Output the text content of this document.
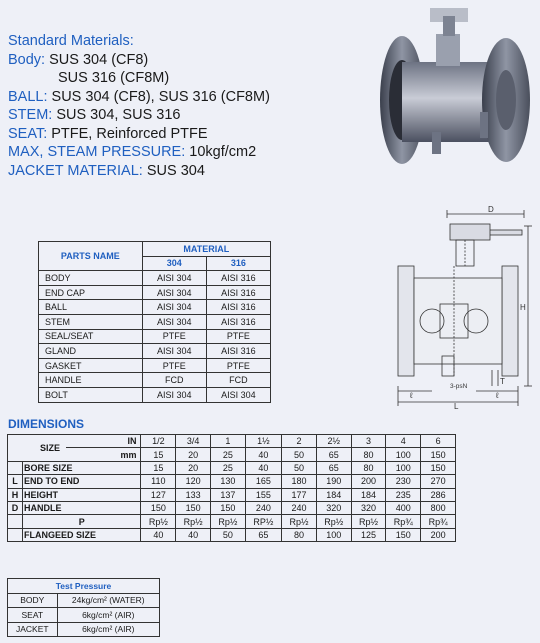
Standard Materials:
Body: SUS 304 (CF8)
SUS 316 (CF8M)
BALL: SUS 304 (CF8), SUS 316 (CF8M)
STEM: SUS 304, SUS 316
SEAT: PTFE, Reinforced PTFE
MAX, STEAM PRESSURE: 10kgf/cm2
JACKET MATERIAL: SUS 304
PARTS NAME	MATERIAL	
	304	316
BODY	AISI 304	AISI 316
END CAP	AISI 304	AISI 316
BALL	AISI 304	AISI 316
STEM	AISI 304	AISI 316
SEAL/SEAT	PTFE	PTFE
GLAND	AISI 304	AISI 316
GASKET	PTFE	PTFE
HANDLE	FCD	FCD
BOLT	AISI 304	AISI 304
D
H
T
ℓ	ℓ
L
3-psN
DIMENSIONS
SIZE		IN	1/2	3/4	1	1½	2	2½	3	4	6
		mm	15	20	25	40	50	65	80	100	150
	BORE SIZE		15	20	25	40	50	65	80	100	150
L	END TO END		110	120	130	165	180	190	200	230	270
H	HEIGHT		127	133	137	155	177	184	184	235	286
D	HANDLE		150	150	150	240	240	320	320	400	800
	P		Rp½	Rp½	Rp½	RP½	Rp½	Rp½	Rp½	Rp¾	Rp¾
	FLANGEED SIZE		40	40	50	65	80	100	125	150	200
Test Pressure	
BODY	24kg/cm² (WATER)
SEAT	6kg/cm² (AIR)
JACKET	6kg/cm² (AIR)
